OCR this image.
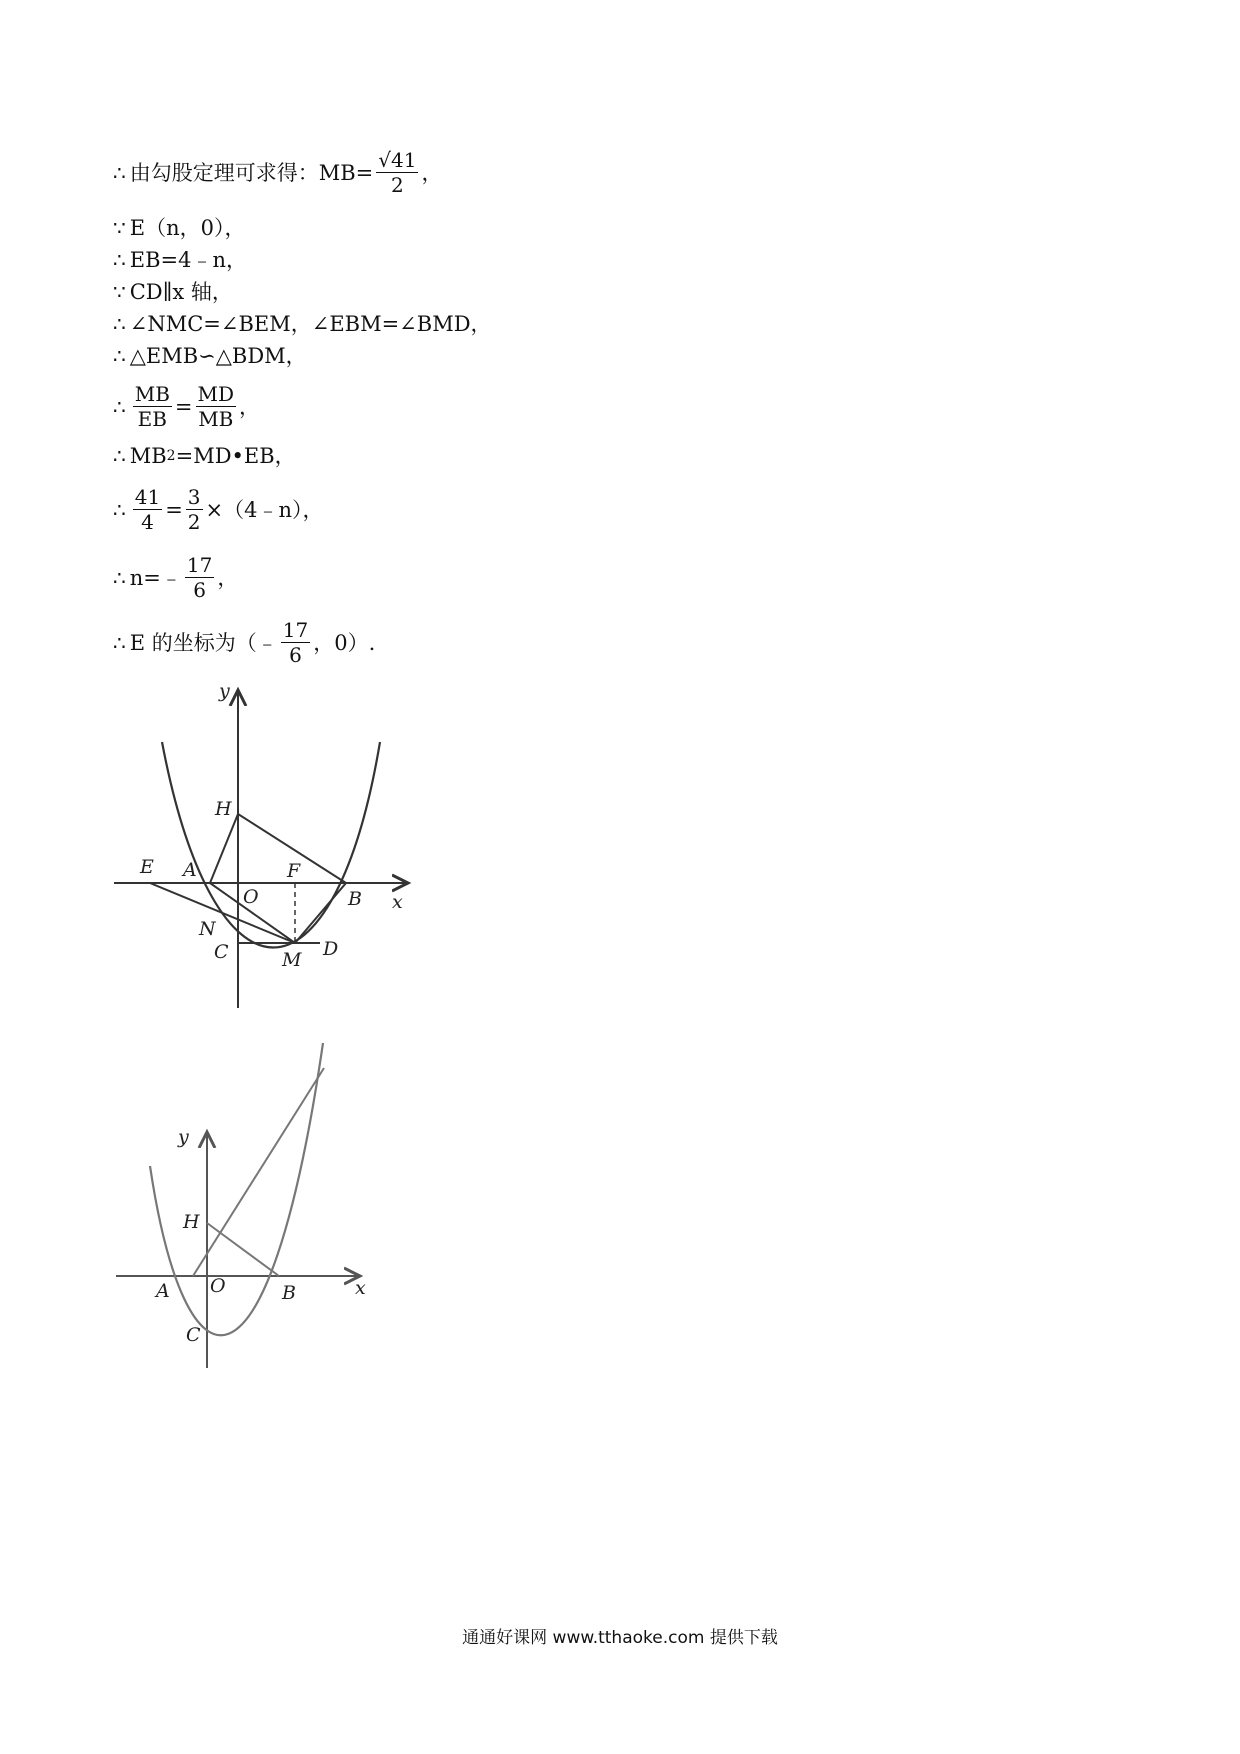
∴ 由勾股定理可求得：$MB= \frac{√41}{2}$ ，
∵ E（n，0），
∴ EB=4﹣n，
∵ CD∥x 轴，
∴ ∠NMC=∠BEM，∠EBM=∠BMD，
∴ △EMB∽△BDM，
∴ $\frac{MB}{EB} = \frac{MD}{MB}$ ，
∴ MB 2 =MD•EB，
∴ $\frac{41}{4} = \frac{3}{2}$ ×（4﹣n），
∴ n=﹣ $\frac{17}{6}$ ，
∴ E 的坐标为（﹣ $\frac{17}{6}$ ，0）.
y
x
H
E A	F
O	B
N
C	M D
y
x
H
A O	B
C
通通好课网 www.tthaoke.com 提供下载
